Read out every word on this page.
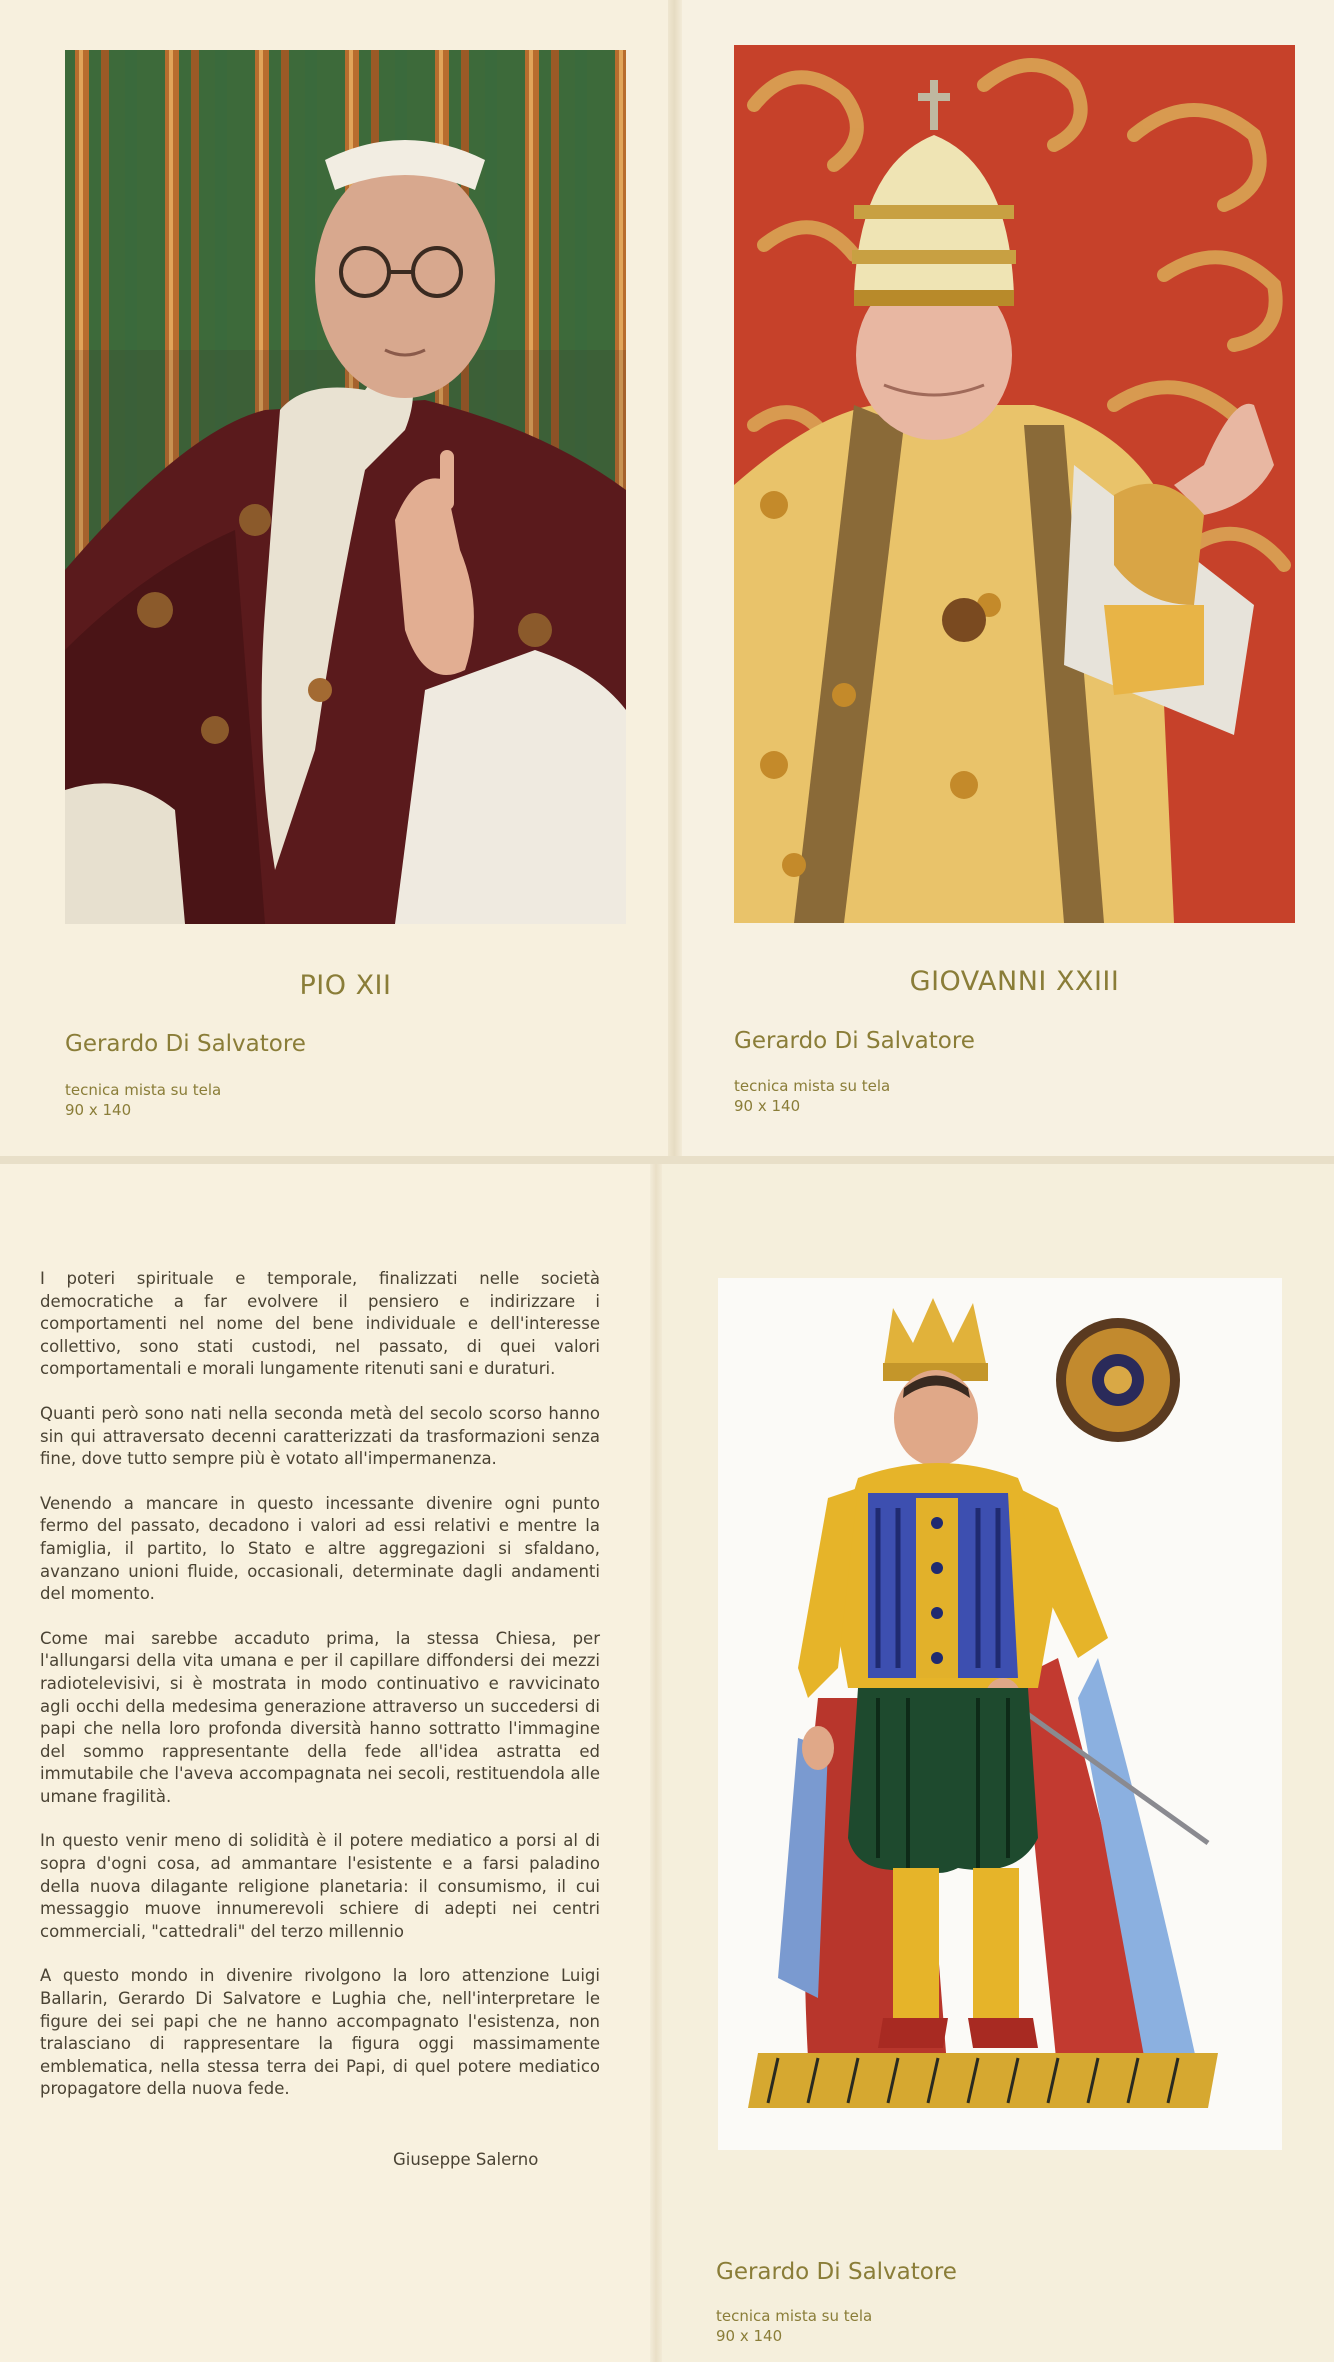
PIO XII
Gerardo Di Salvatore
tecnica mista su tela
90 x 140
GIOVANNI XXIII
Gerardo Di Salvatore
tecnica mista su tela
90 x 140

I poteri spirituale e temporale, finalizzati nelle società democratiche a far evolvere il pensiero e indirizzare i comportamenti nel nome del bene individuale e dell'interesse collettivo, sono stati custodi, nel passato, di quei valori comportamentali e morali lungamente ritenuti sani e duraturi.

Quanti però sono nati nella seconda metà del secolo scorso hanno sin qui attraversato decenni caratterizzati da trasformazioni senza fine, dove tutto sempre più è votato all'impermanenza.

Venendo a mancare in questo incessante divenire ogni punto fermo del passato, decadono i valori ad essi relativi e mentre la famiglia, il partito, lo Stato e altre aggregazioni si sfaldano, avanzano unioni fluide, occasionali, determinate dagli andamenti del momento.

Come mai sarebbe accaduto prima, la stessa Chiesa, per l'allungarsi della vita umana e per il capillare diffondersi dei mezzi radiotelevisivi, si è mostrata in modo continuativo e ravvicinato agli occhi della medesima generazione attraverso un succedersi di papi che nella loro profonda diversità hanno sottratto l'immagine del sommo rappresentante della fede all'idea astratta ed immutabile che l'aveva accompagnata nei secoli, restituendola alle umane fragilità.

In questo venir meno di solidità è il potere mediatico a porsi al di sopra d'ogni cosa, ad ammantare l'esistente e a farsi paladino della nuova dilagante religione planetaria: il consumismo, il cui messaggio muove innumerevoli schiere di adepti nei centri commerciali, "cattedrali" del terzo millennio

A questo mondo in divenire rivolgono la loro attenzione Luigi Ballarin, Gerardo Di Salvatore e Lughia che, nell'interpretare le figure dei sei papi che ne hanno accompagnato l'esistenza, non tralasciano di rappresentare la figura oggi massimamente emblematica, nella stessa terra dei Papi, di quel potere mediatico propagatore della nuova fede.

Giuseppe Salerno
Gerardo Di Salvatore
tecnica mista su tela
90 x 140
